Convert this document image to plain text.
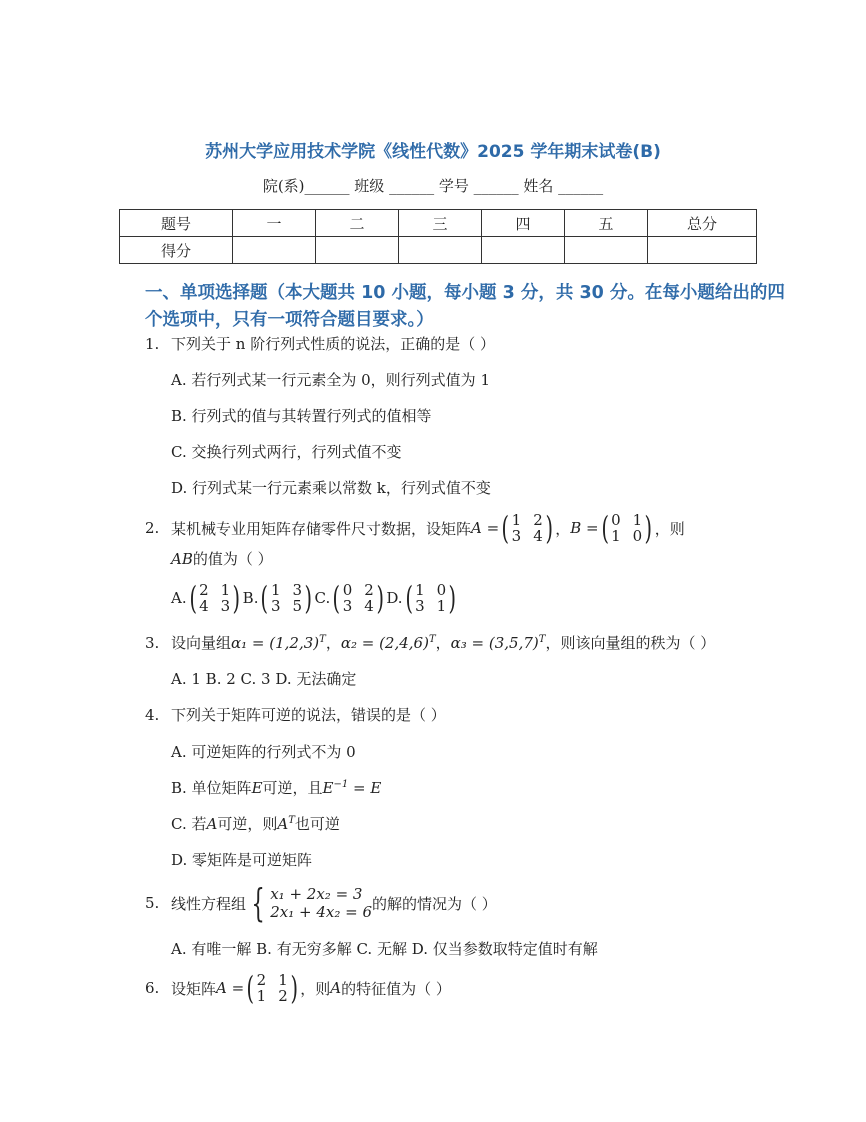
苏州大学应用技术学院《线性代数》2025 学年期末试卷(B)
院(系)______ 班级 ______ 学号 ______ 姓名 ______
题号	一	二	三	四	五	总分
得分						
一、单项选择题（本大题共 10 小题，每小题 3 分，共 30 分。在每小题给出的四个选项中，只有一项符合题目要求。）
1. 下列关于 n 阶行列式性质的说法，正确的是（ ）
A. 若行列式某一行元素全为 0，则行列式值为 1
B. 行列式的值与其转置行列式的值相等
C. 交换行列式两行，行列式值不变
D. 行列式某一行元素乘以常数 k，行列式值不变
2. 某机械专业用矩阵存储零件尺寸数据，设矩阵 A = ( 1 2
3 4 ) ， B = ( 0 1
1 0 ) ，则
AB的值为（ ）
A. ( 2 1
4 3 ) B. ( 1 3
3 5 ) C. ( 0 2
3 4 ) D. ( 1 0
3 1 )
3. 设向量组$\alpha_1 = (1,2,3)^T$，$\alpha_2 = (2,4,6)^T$，$\alpha_3 = (3,5,7)^T$，则该向量组的秩为（ ）
A. 1 B. 2 C. 3 D. 无法确定
4. 下列关于矩阵可逆的说法，错误的是（ ）
A. 可逆矩阵的行列式不为 0
B. 单位矩阵E可逆，且$E^{-1} = E$
C. 若A可逆，则$A^T$也可逆
D. 零矩阵是可逆矩阵
5. 线性方程组 { x₁ + 2x₂ = 3
2x₁ + 4x₂ = 6 的解的情况为（ ）
A. 有唯一解 B. 有无穷多解 C. 无解 D. 仅当参数取特定值时有解
6. 设矩阵 A = ( 2 1
1 2 ) ，则 A 的特征值为（ ）
